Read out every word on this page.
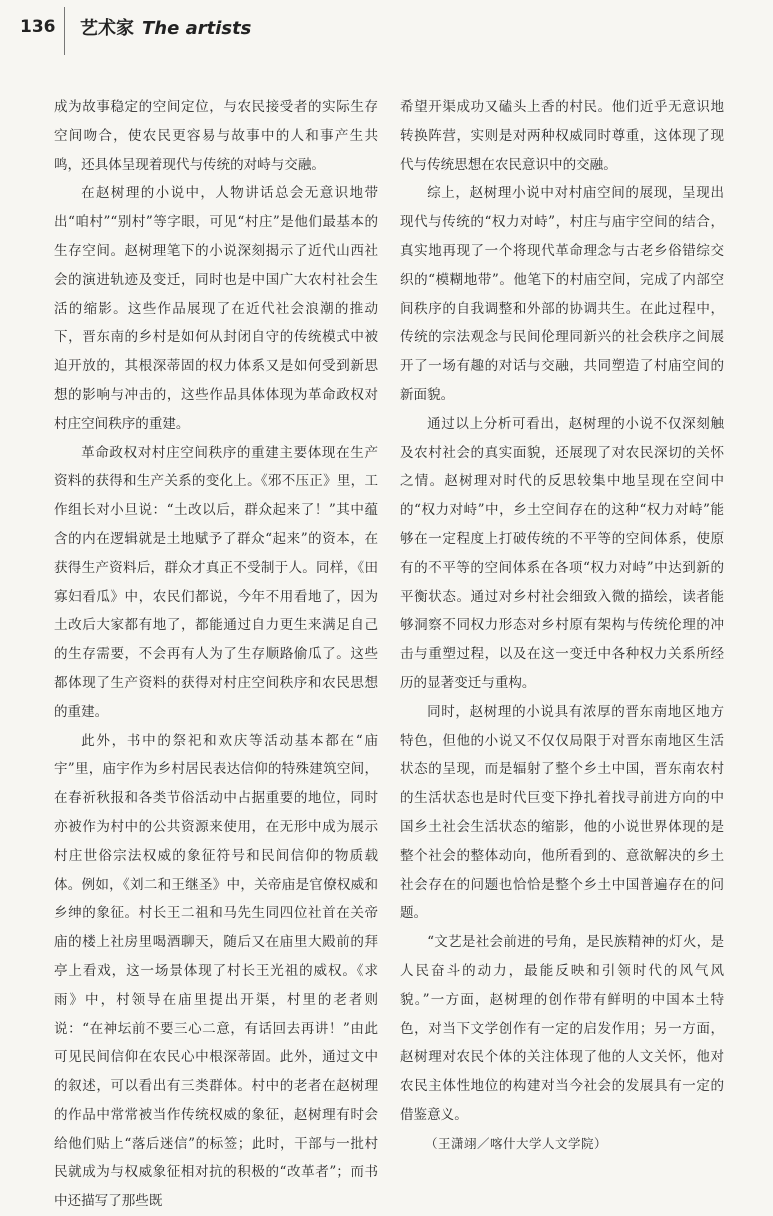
136 艺术家 The artists

成为故事稳定的空间定位，与农民接受者的实际生存空间吻合，使农民更容易与故事中的人和事产生共鸣，还具体呈现着现代与传统的对峙与交融。

在赵树理的小说中，人物讲话总会无意识地带出“咱村”“别村”等字眼，可见“村庄”是他们最基本的生存空间。赵树理笔下的小说深刻揭示了近代山西社会的演进轨迹及变迁，同时也是中国广大农村社会生活的缩影。这些作品展现了在近代社会浪潮的推动下，晋东南的乡村是如何从封闭自守的传统模式中被迫开放的，其根深蒂固的权力体系又是如何受到新思想的影响与冲击的，这些作品具体体现为革命政权对村庄空间秩序的重建。

革命政权对村庄空间秩序的重建主要体现在生产资料的获得和生产关系的变化上。《邪不压正》里，工作组长对小旦说：“土改以后，群众起来了！”其中蕴含的内在逻辑就是土地赋予了群众“起来”的资本，在获得生产资料后，群众才真正不受制于人。同样，《田寡妇看瓜》中，农民们都说，今年不用看地了，因为土改后大家都有地了，都能通过自力更生来满足自己的生存需要，不会再有人为了生存顺路偷瓜了。这些都体现了生产资料的获得对村庄空间秩序和农民思想的重建。

此外，书中的祭祀和欢庆等活动基本都在“庙宇”里，庙宇作为乡村居民表达信仰的特殊建筑空间，在春祈秋报和各类节俗活动中占据重要的地位，同时亦被作为村中的公共资源来使用，在无形中成为展示村庄世俗宗法权威的象征符号和民间信仰的物质载体。例如，《刘二和王继圣》中，关帝庙是官僚权威和乡绅的象征。村长王二祖和马先生同四位社首在关帝庙的楼上社房里喝酒聊天，随后又在庙里大殿前的拜亭上看戏，这一场景体现了村长王光祖的威权。《求雨》中，村领导在庙里提出开渠，村里的老者则说：“在神坛前不要三心二意，有话回去再讲！”由此可见民间信仰在农民心中根深蒂固。此外，通过文中的叙述，可以看出有三类群体。村中的老者在赵树理的作品中常常被当作传统权威的象征，赵树理有时会给他们贴上“落后迷信”的标签；此时，干部与一批村民就成为与权威象征相对抗的积极的“改革者”；而书中还描写了那些既

希望开渠成功又磕头上香的村民。他们近乎无意识地转换阵营，实则是对两种权威同时尊重，这体现了现代与传统思想在农民意识中的交融。

综上，赵树理小说中对村庙空间的展现，呈现出现代与传统的“权力对峙”，村庄与庙宇空间的结合，真实地再现了一个将现代革命理念与古老乡俗错综交织的“模糊地带”。他笔下的村庙空间，完成了内部空间秩序的自我调整和外部的协调共生。在此过程中，传统的宗法观念与民间伦理同新兴的社会秩序之间展开了一场有趣的对话与交融，共同塑造了村庙空间的新面貌。

通过以上分析可看出，赵树理的小说不仅深刻触及农村社会的真实面貌，还展现了对农民深切的关怀之情。赵树理对时代的反思较集中地呈现在空间中的“权力对峙”中，乡土空间存在的这种“权力对峙”能够在一定程度上打破传统的不平等的空间体系，使原有的不平等的空间体系在各项“权力对峙”中达到新的平衡状态。通过对乡村社会细致入微的描绘，读者能够洞察不同权力形态对乡村原有架构与传统伦理的冲击与重塑过程，以及在这一变迁中各种权力关系所经历的显著变迁与重构。

同时，赵树理的小说具有浓厚的晋东南地区地方特色，但他的小说又不仅仅局限于对晋东南地区生活状态的呈现，而是辐射了整个乡土中国，晋东南农村的生活状态也是时代巨变下挣扎着找寻前进方向的中国乡土社会生活状态的缩影，他的小说世界体现的是整个社会的整体动向，他所看到的、意欲解决的乡土社会存在的问题也恰恰是整个乡土中国普遍存在的问题。

“文艺是社会前进的号角，是民族精神的灯火，是人民奋斗的动力，最能反映和引领时代的风气风貌。”一方面，赵树理的创作带有鲜明的中国本土特色，对当下文学创作有一定的启发作用；另一方面，赵树理对农民个体的关注体现了他的人文关怀，他对农民主体性地位的构建对当今社会的发展具有一定的借鉴意义。

（王潇翊／喀什大学人文学院）
